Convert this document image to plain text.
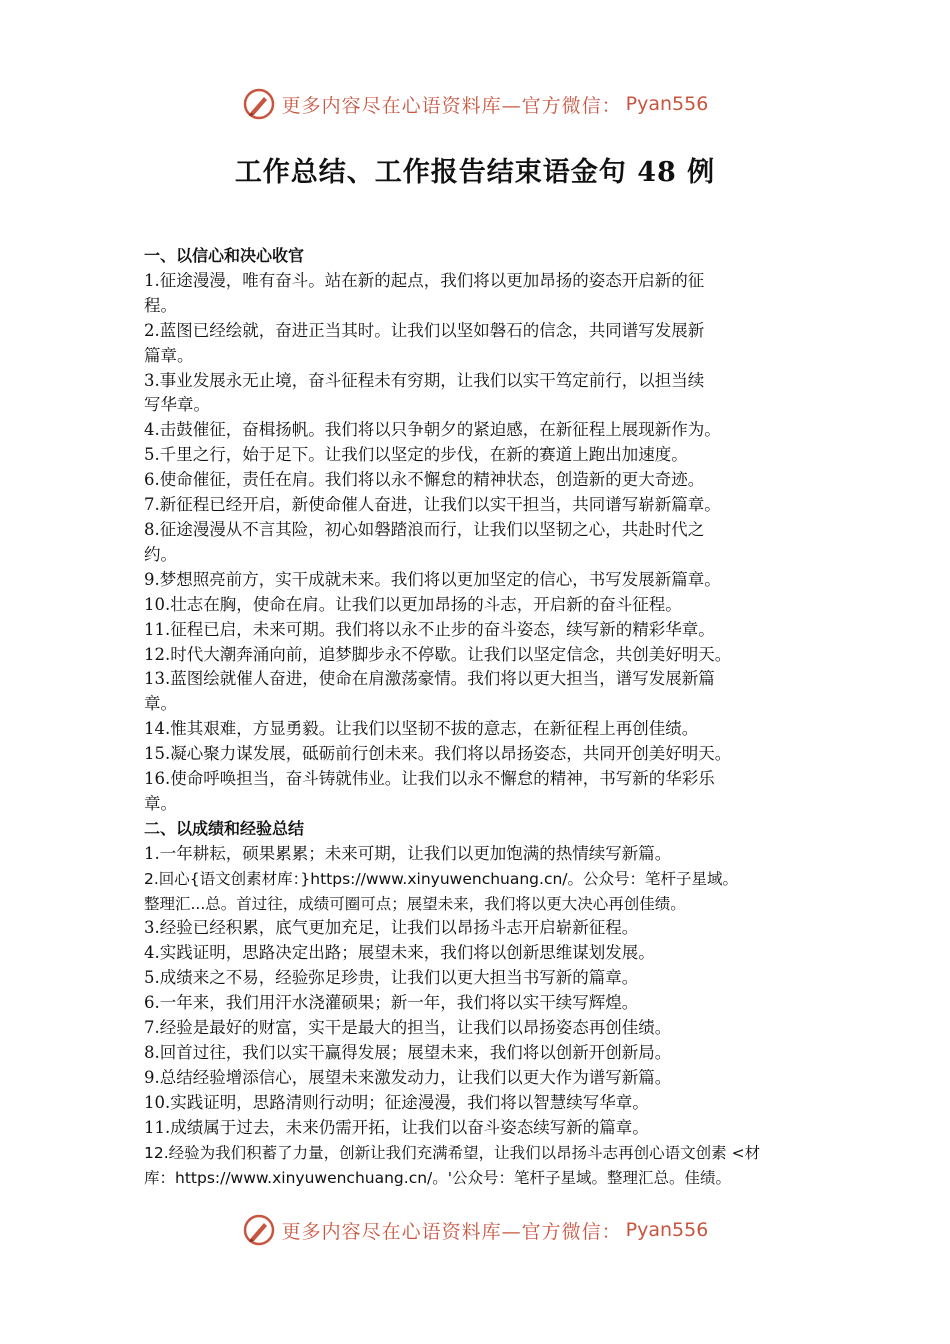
更多内容尽在心语资料库—官方微信： Pyan556
工作总结、工作报告结束语金句 48 例
一、以信心和决心收官
1.征途漫漫，唯有奋斗。站在新的起点，我们将以更加昂扬的姿态开启新的征
程。
2.蓝图已经绘就，奋进正当其时。让我们以坚如磐石的信念，共同谱写发展新
篇章。
3.事业发展永无止境，奋斗征程未有穷期，让我们以实干笃定前行，以担当续
写华章。
4.击鼓催征，奋楫扬帆。我们将以只争朝夕的紧迫感，在新征程上展现新作为。
5.千里之行，始于足下。让我们以坚定的步伐，在新的赛道上跑出加速度。
6.使命催征，责任在肩。我们将以永不懈怠的精神状态，创造新的更大奇迹。
7.新征程已经开启，新使命催人奋进，让我们以实干担当，共同谱写崭新篇章。
8.征途漫漫从不言其险，初心如磐踏浪而行，让我们以坚韧之心，共赴时代之
约。
9.梦想照亮前方，实干成就未来。我们将以更加坚定的信心，书写发展新篇章。
10.壮志在胸，使命在肩。让我们以更加昂扬的斗志，开启新的奋斗征程。
11.征程已启，未来可期。我们将以永不止步的奋斗姿态，续写新的精彩华章。
12.时代大潮奔涌向前，追梦脚步永不停歇。让我们以坚定信念，共创美好明天。
13.蓝图绘就催人奋进，使命在肩激荡豪情。我们将以更大担当，谱写发展新篇
章。
14.惟其艰难，方显勇毅。让我们以坚韧不拔的意志，在新征程上再创佳绩。
15.凝心聚力谋发展，砥砺前行创未来。我们将以昂扬姿态，共同开创美好明天。
16.使命呼唤担当，奋斗铸就伟业。让我们以永不懈怠的精神，书写新的华彩乐
章。
二、以成绩和经验总结
1.一年耕耘，硕果累累；未来可期，让我们以更加饱满的热情续写新篇。
2.回心{语文创素材库：}https://www.xinyuwenchuang.cn/。公众号：笔杆子星域。
整理汇...总。首过往，成绩可圈可点；展望未来，我们将以更大决心再创佳绩。
3.经验已经积累，底气更加充足，让我们以昂扬斗志开启崭新征程。
4.实践证明，思路决定出路；展望未来，我们将以创新思维谋划发展。
5.成绩来之不易，经验弥足珍贵，让我们以更大担当书写新的篇章。
6.一年来，我们用汗水浇灌硕果；新一年，我们将以实干续写辉煌。
7.经验是最好的财富，实干是最大的担当，让我们以昂扬姿态再创佳绩。
8.回首过往，我们以实干赢得发展；展望未来，我们将以创新开创新局。
9.总结经验增添信心，展望未来激发动力，让我们以更大作为谱写新篇。
10.实践证明，思路清则行动明；征途漫漫，我们将以智慧续写华章。
11.成绩属于过去，未来仍需开拓，让我们以奋斗姿态续写新的篇章。
12.经验为我们积蓄了力量，创新让我们充满希望，让我们以昂扬斗志再创心语文创素 <材
库：https://www.xinyuwenchuang.cn/。'公众号：笔杆子星域。整理汇总。佳绩。
更多内容尽在心语资料库—官方微信： Pyan556
